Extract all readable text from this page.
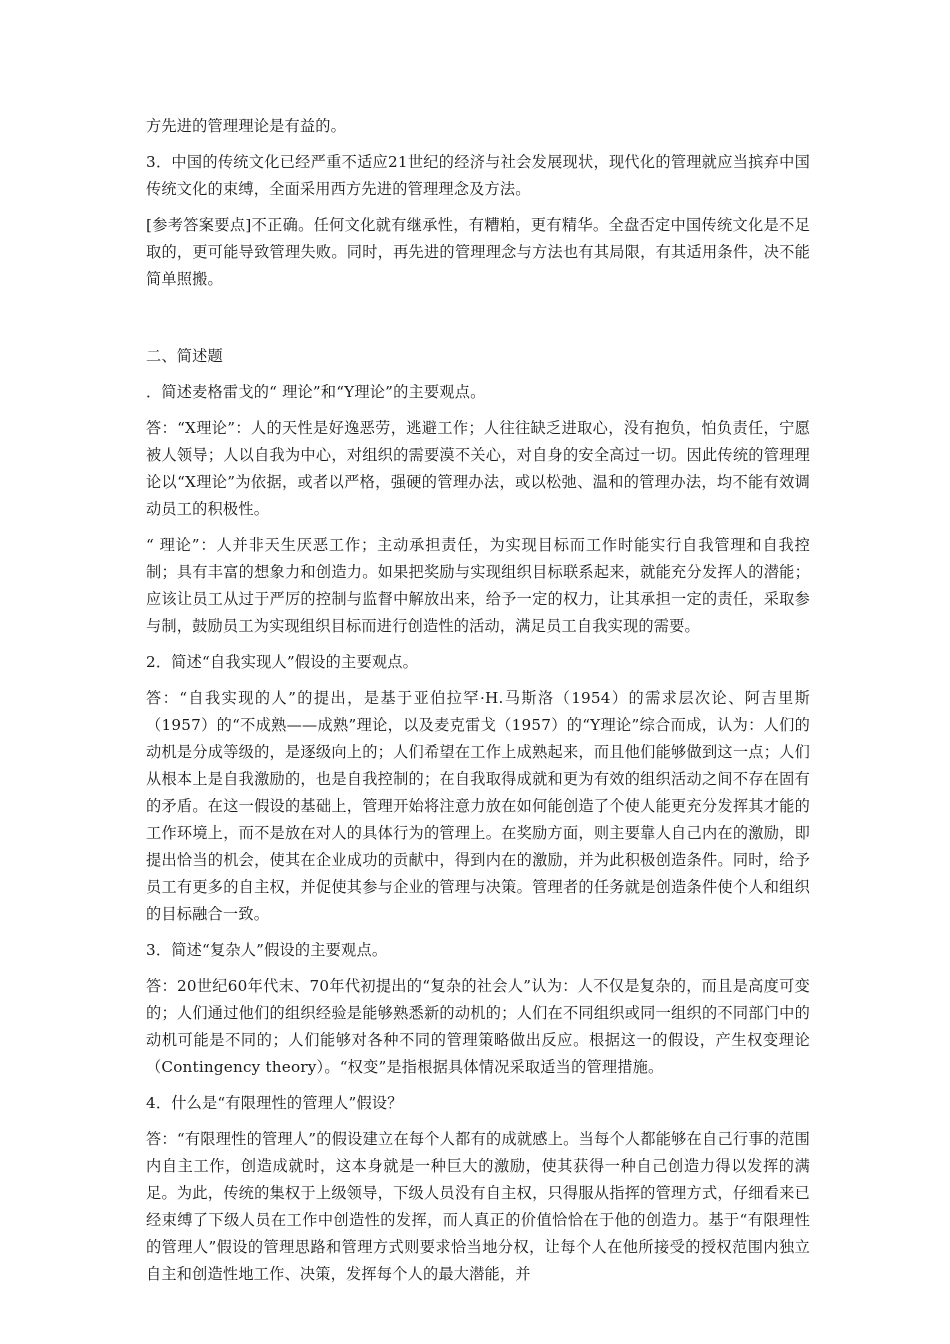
方先进的管理理论是有益的。

3．中国的传统文化已经严重不适应21世纪的经济与社会发展现状，现代化的管理就应当摈弃中国传统文化的束缚，全面采用西方先进的管理理念及方法。

[参考答案要点]不正确。任何文化就有继承性，有糟粕，更有精华。全盘否定中国传统文化是不足取的，更可能导致管理失败。同时，再先进的管理理念与方法也有其局限，有其适用条件，决不能简单照搬。

二、简述题

．简述麦格雷戈的“ 理论”和“Y理论”的主要观点。

答：“X理论”：人的天性是好逸恶劳，逃避工作；人往往缺乏进取心，没有抱负，怕负责任，宁愿被人领导；人以自我为中心，对组织的需要漠不关心，对自身的安全高过一切。因此传统的管理理论以“X理论”为依据，或者以严格，强硬的管理办法，或以松弛、温和的管理办法，均不能有效调动员工的积极性。

“ 理论”：人并非天生厌恶工作；主动承担责任，为实现目标而工作时能实行自我管理和自我控制；具有丰富的想象力和创造力。如果把奖励与实现组织目标联系起来，就能充分发挥人的潜能；应该让员工从过于严厉的控制与监督中解放出来，给予一定的权力，让其承担一定的责任，采取参与制，鼓励员工为实现组织目标而进行创造性的活动，满足员工自我实现的需要。

2．简述“自我实现人”假设的主要观点。

答：“自我实现的人”的提出，是基于亚伯拉罕·H.马斯洛（1954）的需求层次论、阿吉里斯（1957）的“不成熟——成熟”理论，以及麦克雷戈（1957）的“Y理论”综合而成，认为：人们的动机是分成等级的，是逐级向上的；人们希望在工作上成熟起来，而且他们能够做到这一点；人们从根本上是自我激励的，也是自我控制的；在自我取得成就和更为有效的组织活动之间不存在固有的矛盾。在这一假设的基础上，管理开始将注意力放在如何能创造了个使人能更充分发挥其才能的工作环境上，而不是放在对人的具体行为的管理上。在奖励方面，则主要靠人自己内在的激励，即提出恰当的机会，使其在企业成功的贡献中，得到内在的激励，并为此积极创造条件。同时，给予员工有更多的自主权，并促使其参与企业的管理与决策。管理者的任务就是创造条件使个人和组织的目标融合一致。

3．简述“复杂人”假设的主要观点。

答：20世纪60年代末、70年代初提出的“复杂的社会人”认为：人不仅是复杂的，而且是高度可变的；人们通过他们的组织经验是能够熟悉新的动机的；人们在不同组织或同一组织的不同部门中的动机可能是不同的；人们能够对各种不同的管理策略做出反应。根据这一的假设，产生权变理论（Contingency theory）。“权变”是指根据具体情况采取适当的管理措施。

4．什么是“有限理性的管理人”假设？

答：“有限理性的管理人”的假设建立在每个人都有的成就感上。当每个人都能够在自己行事的范围内自主工作，创造成就时，这本身就是一种巨大的激励，使其获得一种自己创造力得以发挥的满足。为此，传统的集权于上级领导，下级人员没有自主权，只得服从指挥的管理方式，仔细看来已经束缚了下级人员在工作中创造性的发挥，而人真正的价值恰恰在于他的创造力。基于“有限理性的管理人”假设的管理思路和管理方式则要求恰当地分权，让每个人在他所接受的授权范围内独立自主和创造性地工作、决策，发挥每个人的最大潜能，并
